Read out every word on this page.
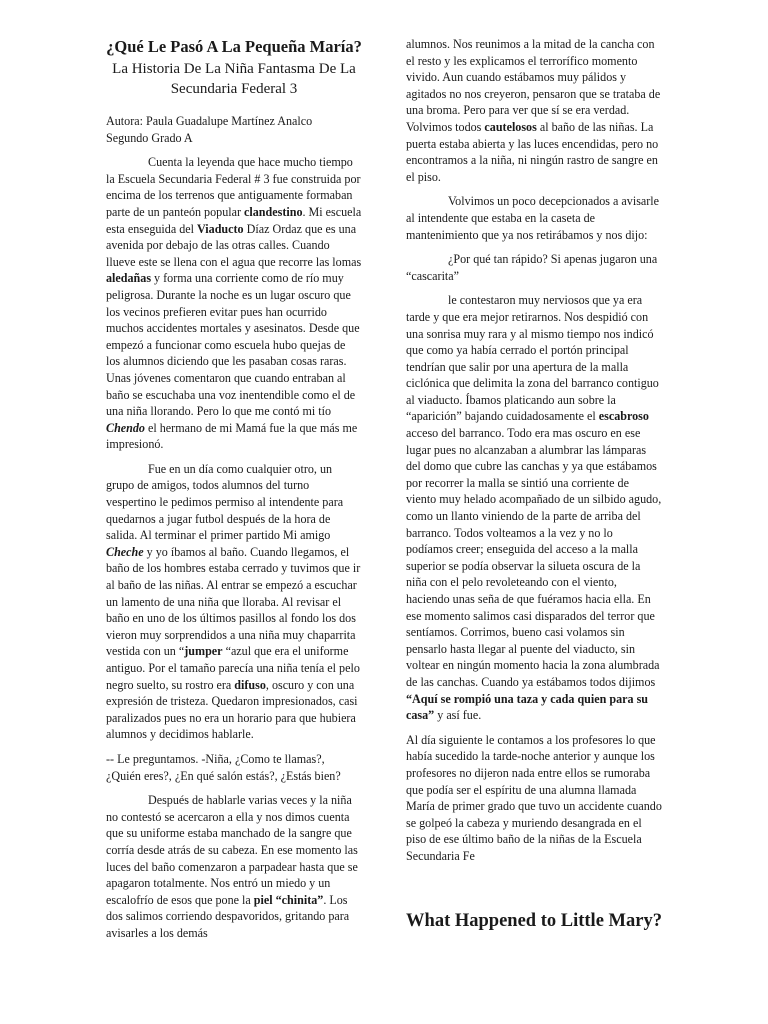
¿Qué Le Pasó A La Pequeña María?
La Historia De La Niña Fantasma De La Secundaria Federal 3
Autora: Paula Guadalupe Martínez Analco
Segundo Grado A

Cuenta la leyenda que hace mucho tiempo la Escuela Secundaria Federal # 3 fue construida por encima de los terrenos que antiguamente formaban parte de un panteón popular clandestino. Mi escuela esta enseguida del Viaducto Díaz Ordaz que es una avenida por debajo de las otras calles. Cuando llueve este se llena con el agua que recorre las lomas aledañas y forma una corriente como de río muy peligrosa. Durante la noche es un lugar oscuro que los vecinos prefieren evitar pues han ocurrido muchos accidentes mortales y asesinatos. Desde que empezó a funcionar como escuela hubo quejas de los alumnos diciendo que les pasaban cosas raras. Unas jóvenes comentaron que cuando entraban al baño se escuchaba una voz inentendible como el de una niña llorando. Pero lo que me contó mi tío Chendo el hermano de mi Mamá fue la que más me impresionó.

Fue en un día como cualquier otro, un grupo de amigos, todos alumnos del turno vespertino le pedimos permiso al intendente para quedarnos a jugar futbol después de la hora de salida. Al terminar el primer partido Mi amigo Cheche y yo íbamos al baño. Cuando llegamos, el baño de los hombres estaba cerrado y tuvimos que ir al baño de las niñas. Al entrar se empezó a escuchar un lamento de una niña que lloraba. Al revisar el baño en uno de los últimos pasillos al fondo los dos vieron muy sorprendidos a una niña muy chaparrita vestida con un “jumper “azul que era el uniforme antiguo. Por el tamaño parecía una niña tenía el pelo negro suelto, su rostro era difuso, oscuro y con una expresión de tristeza. Quedaron impresionados, casi paralizados pues no era un horario para que hubiera alumnos y decidimos hablarle.

-- Le preguntamos. -Niña, ¿Como te llamas?, ¿Quién eres?, ¿En qué salón estás?, ¿Estás bien?

Después de hablarle varias veces y la niña no contestó se acercaron a ella y nos dimos cuenta que su uniforme estaba manchado de la sangre que corría desde atrás de su cabeza. En ese momento las luces del baño comenzaron a parpadear hasta que se apagaron totalmente. Nos entró un miedo y un escalofrío de esos que pone la piel “chinita”. Los dos salimos corriendo despavoridos, gritando para avisarles a los demás

alumnos. Nos reunimos a la mitad de la cancha con el resto y les explicamos el terrorífico momento vivido. Aun cuando estábamos muy pálidos y agitados no nos creyeron, pensaron que se trataba de una broma. Pero para ver que sí se era verdad. Volvimos todos cautelosos al baño de las niñas. La puerta estaba abierta y las luces encendidas, pero no encontramos a la niña, ni ningún rastro de sangre en el piso.

Volvimos un poco decepcionados a avisarle al intendente que estaba en la caseta de mantenimiento que ya nos retirábamos y nos dijo:

¿Por qué tan rápido? Si apenas jugaron una “cascarita”

le contestaron muy nerviosos que ya era tarde y que era mejor retirarnos. Nos despidió con una sonrisa muy rara y al mismo tiempo nos indicó que como ya había cerrado el portón principal tendrían que salir por una apertura de la malla ciclónica que delimita la zona del barranco contiguo al viaducto. Íbamos platicando aun sobre la “aparición” bajando cuidadosamente el escabroso acceso del barranco. Todo era mas oscuro en ese lugar pues no alcanzaban a alumbrar las lámparas del domo que cubre las canchas y ya que estábamos por recorrer la malla se sintió una corriente de viento muy helado acompañado de un silbido agudo, como un llanto viniendo de la parte de arriba del barranco. Todos volteamos a la vez y no lo podíamos creer; enseguida del acceso a la malla superior se podía observar la silueta oscura de la niña con el pelo revoleteando con el viento, haciendo unas seña de que fuéramos hacia ella. En ese momento salimos casi disparados del terror que sentíamos. Corrimos, bueno casi volamos sin pensarlo hasta llegar al puente del viaducto, sin voltear en ningún momento hacia la zona alumbrada de las canchas. Cuando ya estábamos todos dijimos “Aquí se rompió una taza y cada quien para su casa” y así fue.

Al día siguiente le contamos a los profesores lo que había sucedido la tarde-noche anterior y aunque los profesores no dijeron nada entre ellos se rumoraba que podía ser el espíritu de una alumna llamada María de primer grado que tuvo un accidente cuando se golpeó la cabeza y muriendo desangrada en el piso de ese último baño de la niñas de la Escuela Secundaria Fe

What Happened to Little Mary?
